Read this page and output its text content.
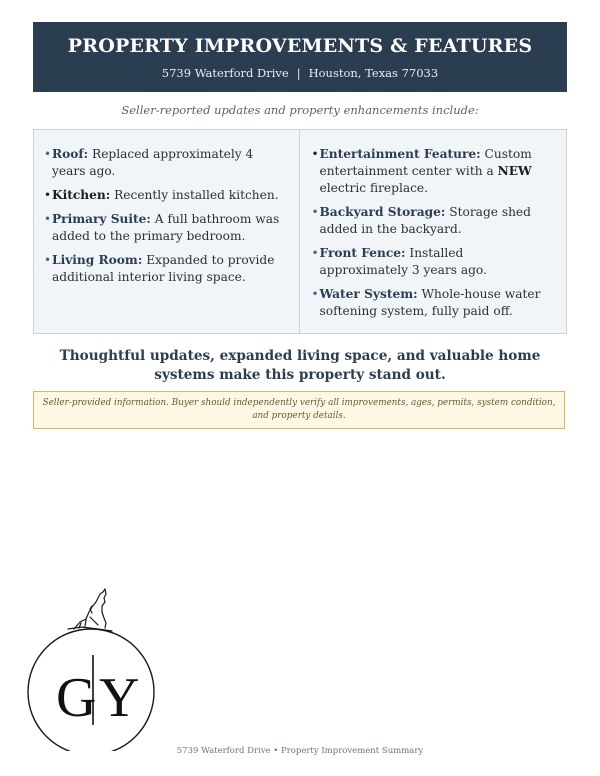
PROPERTY IMPROVEMENTS & FEATURES
5739 Waterford Drive | Houston, Texas 77033
Seller-reported updates and property enhancements include:
• Roof: Replaced approximately 4 years ago.
• Kitchen: Recently installed kitchen.
• Primary Suite: A full bathroom was added to the primary bedroom.
• Living Room: Expanded to provide additional interior living space.
• Entertainment Feature: Custom entertainment center with a NEW electric fireplace.
• Backyard Storage: Storage shed added in the backyard.
• Front Fence: Installed approximately 3 years ago.
• Water System: Whole-house water softening system, fully paid off.
Thoughtful updates, expanded living space, and valuable home systems make this property stand out.
Seller-provided information. Buyer should independently verify all improvements, ages, permits, system condition, and property details.
G Y
5739 Waterford Drive • Property Improvement Summary
